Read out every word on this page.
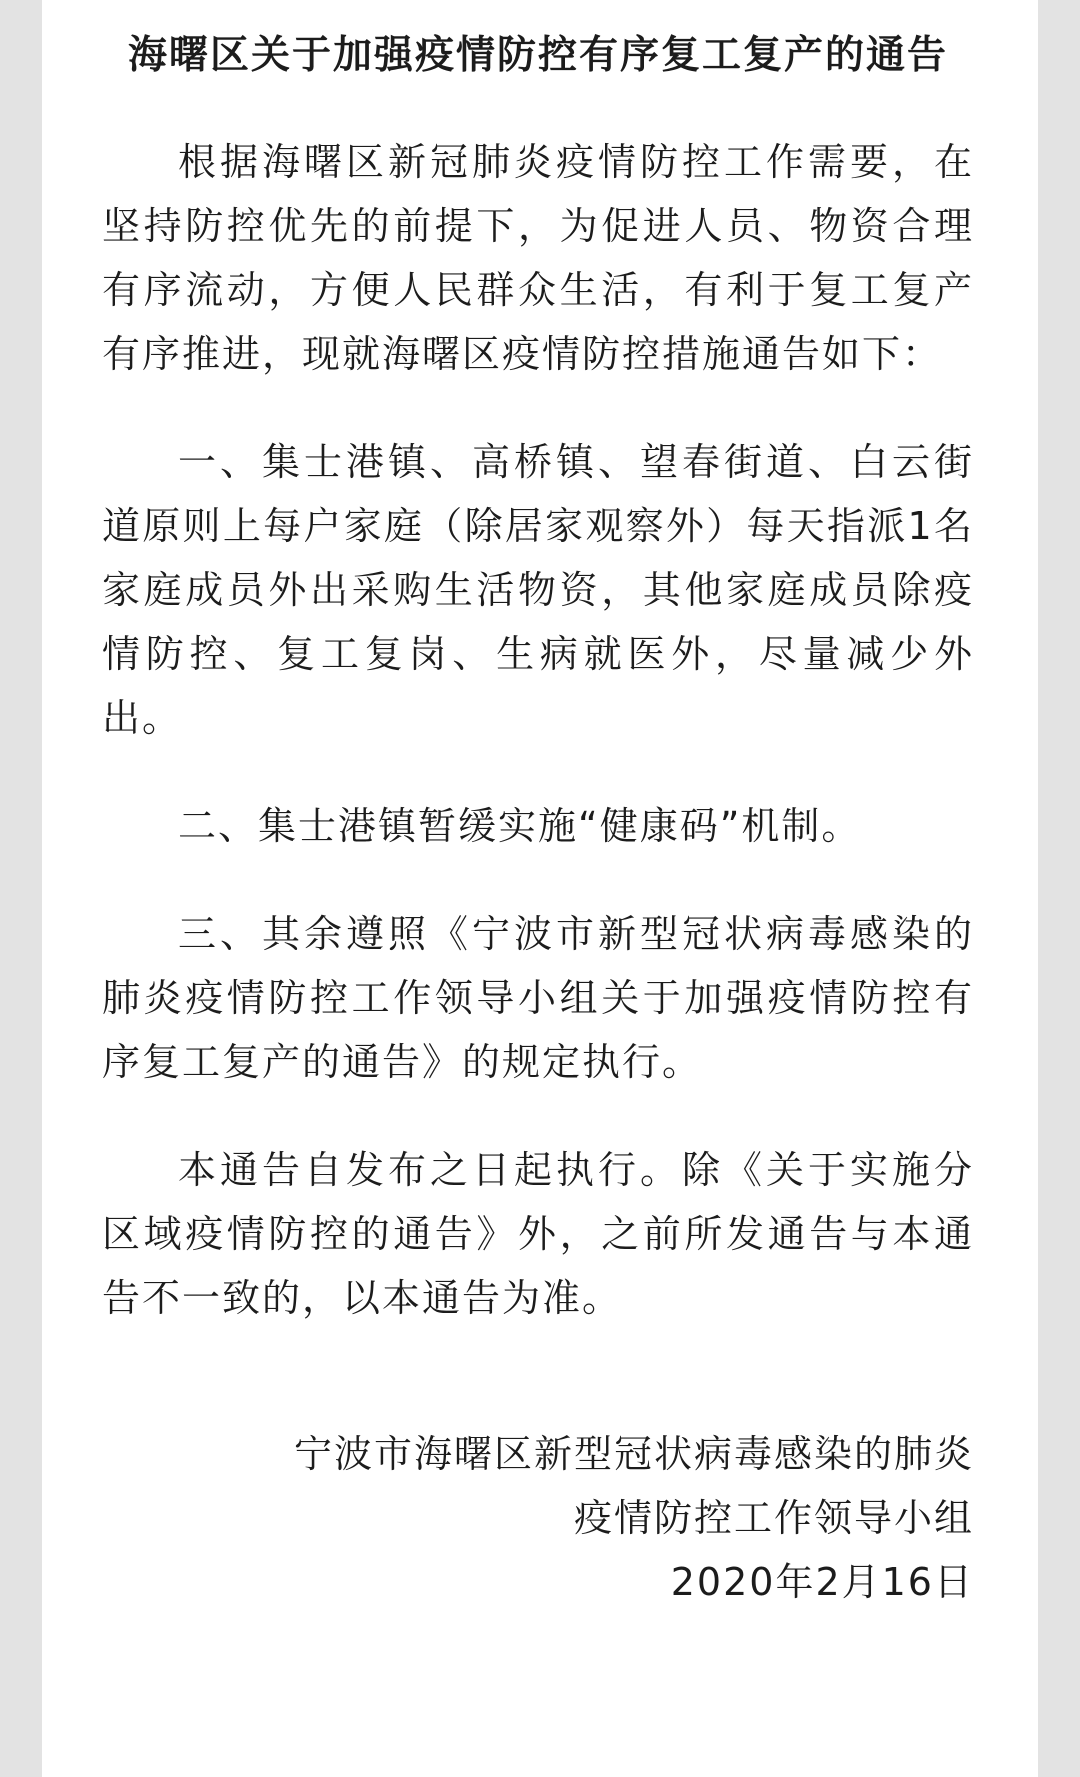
海曙区关于加强疫情防控有序复工复产的通告

根据海曙区新冠肺炎疫情防控工作需要，在坚持防控优先的前提下，为促进人员、物资合理有序流动，方便人民群众生活，有利于复工复产有序推进，现就海曙区疫情防控措施通告如下：

一、集士港镇、高桥镇、望春街道、白云街道原则上每户家庭（除居家观察外）每天指派1名家庭成员外出采购生活物资，其他家庭成员除疫情防控、复工复岗、生病就医外，尽量减少外出。

二、集士港镇暂缓实施“健康码”机制。

三、其余遵照《宁波市新型冠状病毒感染的肺炎疫情防控工作领导小组关于加强疫情防控有序复工复产的通告》的规定执行。

本通告自发布之日起执行。除《关于实施分区域疫情防控的通告》外，之前所发通告与本通告不一致的，以本通告为准。

宁波市海曙区新型冠状病毒感染的肺炎
疫情防控工作领导小组
2020年2月16日
